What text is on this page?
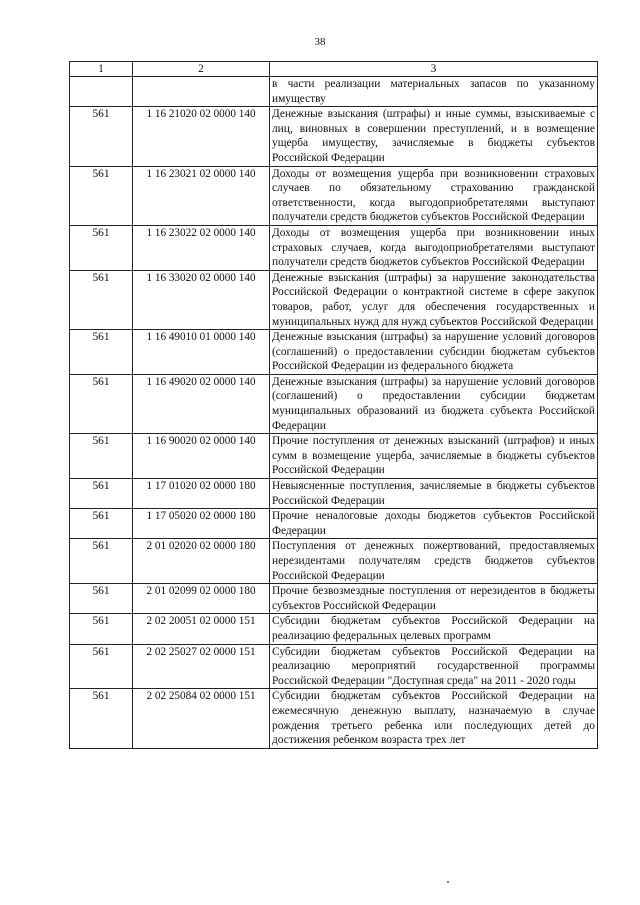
38
1	2	3
		в части реализации материальных запасов по указанному имуществу
561	1 16 21020 02 0000 140	Денежные взыскания (штрафы) и иные суммы, взыскиваемые с лиц, виновных в совершении преступлений, и в возмещение ущерба имуществу, зачисляемые в бюджеты субъектов Российской Федерации
561	1 16 23021 02 0000 140	Доходы от возмещения ущерба при возникновении страховых случаев по обязательному страхованию гражданской ответственности, когда выгодоприобретателями выступают получатели средств бюджетов субъектов Российской Федерации
561	1 16 23022 02 0000 140	Доходы от возмещения ущерба при возникновении иных страховых случаев, когда выгодоприобретателями выступают получатели средств бюджетов субъектов Российской Федерации
561	1 16 33020 02 0000 140	Денежные взыскания (штрафы) за нарушение законодательства Российской Федерации о контрактной системе в сфере закупок товаров, работ, услуг для обеспечения государственных и муниципальных нужд для нужд субъектов Российской Федерации
561	1 16 49010 01 0000 140	Денежные взыскания (штрафы) за нарушение условий договоров (соглашений) о предоставлении субсидии бюджетам субъектов Российской Федерации из федерального бюджета
561	1 16 49020 02 0000 140	Денежные взыскания (штрафы) за нарушение условий договоров (соглашений) о предоставлении субсидии бюджетам муниципальных образований из бюджета субъекта Российской Федерации
561	1 16 90020 02 0000 140	Прочие поступления от денежных взысканий (штрафов) и иных сумм в возмещение ущерба, зачисляемые в бюджеты субъектов Российской Федерации
561	1 17 01020 02 0000 180	Невыясненные поступления, зачисляемые в бюджеты субъектов Российской Федерации
561	1 17 05020 02 0000 180	Прочие неналоговые доходы бюджетов субъектов Российской Федерации
561	2 01 02020 02 0000 180	Поступления от денежных пожертвований, предоставляемых нерезидентами получателям средств бюджетов субъектов Российской Федерации
561	2 01 02099 02 0000 180	Прочие безвозмездные поступления от нерезидентов в бюджеты субъектов Российской Федерации
561	2 02 20051 02 0000 151	Субсидии бюджетам субъектов Российской Федерации на реализацию федеральных целевых программ
561	2 02 25027 02 0000 151	Субсидии бюджетам субъектов Российской Федерации на реализацию мероприятий государственной программы Российской Федерации "Доступная среда" на 2011 - 2020 годы
561	2 02 25084 02 0000 151	Субсидии бюджетам субъектов Российской Федерации на ежемесячную денежную выплату, назначаемую в случае рождения третьего ребенка или последующих детей до достижения ребенком возраста трех лет
